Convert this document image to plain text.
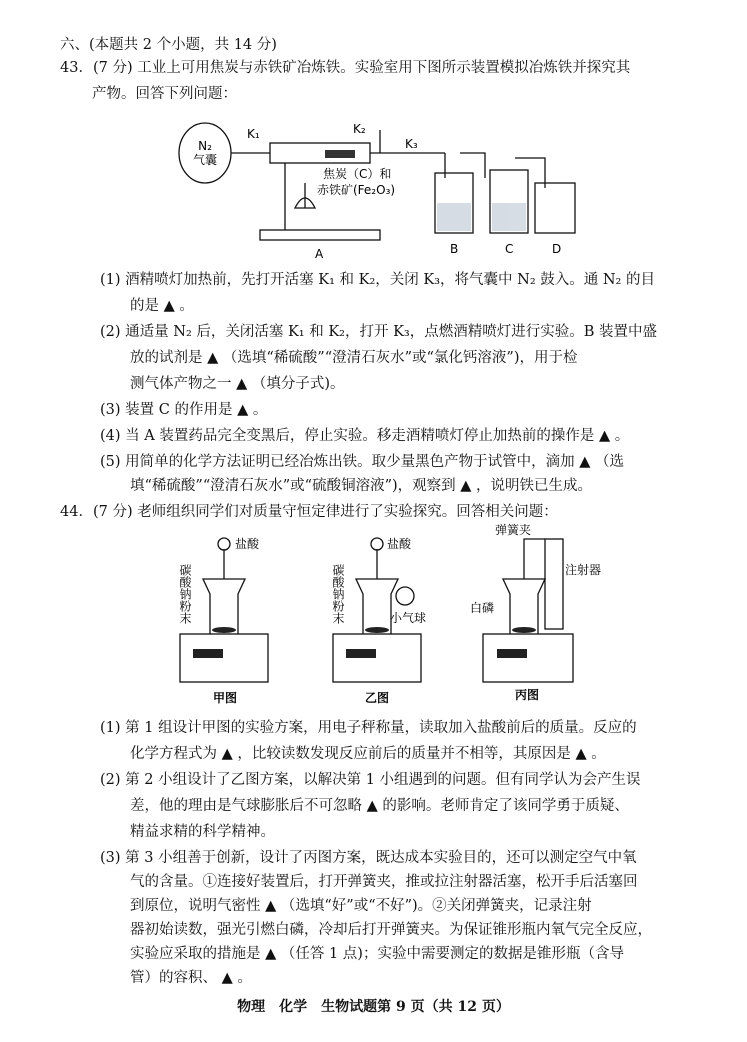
六、(本题共 2 个小题，共 14 分)
43．(7 分) 工业上可用焦炭与赤铁矿冶炼铁。实验室用下图所示装置模拟冶炼铁并探究其
产物。回答下列问题：
N₂ 气囊
K₁	K₂
K₃
焦炭（C）和
赤铁矿(Fe₂O₃)
A	B	C	D
(1) 酒精喷灯加热前，先打开活塞 K₁ 和 K₂，关闭 K₃，将气囊中 N₂ 鼓入。通 N₂ 的目
的是 ▲ 。
(2) 通适量 N₂ 后，关闭活塞 K₁ 和 K₂，打开 K₃，点燃酒精喷灯进行实验。B 装置中盛
放的试剂是 ▲ （选填“稀硫酸”“澄清石灰水”或“氯化钙溶液”)，用于检
测气体产物之一 ▲ （填分子式)。
(3) 装置 C 的作用是 ▲ 。
(4) 当 A 装置药品完全变黑后，停止实验。移走酒精喷灯停止加热前的操作是 ▲ 。
(5) 用简单的化学方法证明已经冶炼出铁。取少量黑色产物于试管中，滴加 ▲ （选
填“稀硫酸”“澄清石灰水”或“硫酸铜溶液”)，观察到 ▲ ，说明铁已生成。
44．(7 分) 老师组织同学们对质量守恒定律进行了实验探究。回答相关问题：
碳酸钠粉末	碳酸钠粉末
盐酸	盐酸
小气球
弹簧夹
注射器
白磷
甲图	乙图	丙图
(1) 第 1 组设计甲图的实验方案，用电子秤称量，读取加入盐酸前后的质量。反应的
化学方程式为 ▲ ，比较读数发现反应前后的质量并不相等，其原因是 ▲ 。
(2) 第 2 小组设计了乙图方案，以解决第 1 小组遇到的问题。但有同学认为会产生误
差，他的理由是气球膨胀后不可忽略 ▲ 的影响。老师肯定了该同学勇于质疑、
精益求精的科学精神。
(3) 第 3 小组善于创新，设计了丙图方案，既达成本实验目的，还可以测定空气中氧
气的含量。①连接好装置后，打开弹簧夹，推或拉注射器活塞，松开手后活塞回
到原位，说明气密性 ▲ （选填“好”或“不好”)。②关闭弹簧夹，记录注射
器初始读数，强光引燃白磷，冷却后打开弹簧夹。为保证锥形瓶内氧气完全反应，
实验应采取的措施是 ▲ （任答 1 点)；实验中需要测定的数据是锥形瓶（含导
管）的容积、 ▲ 。
物理　化学　生物试题第 9 页（共 12 页）
